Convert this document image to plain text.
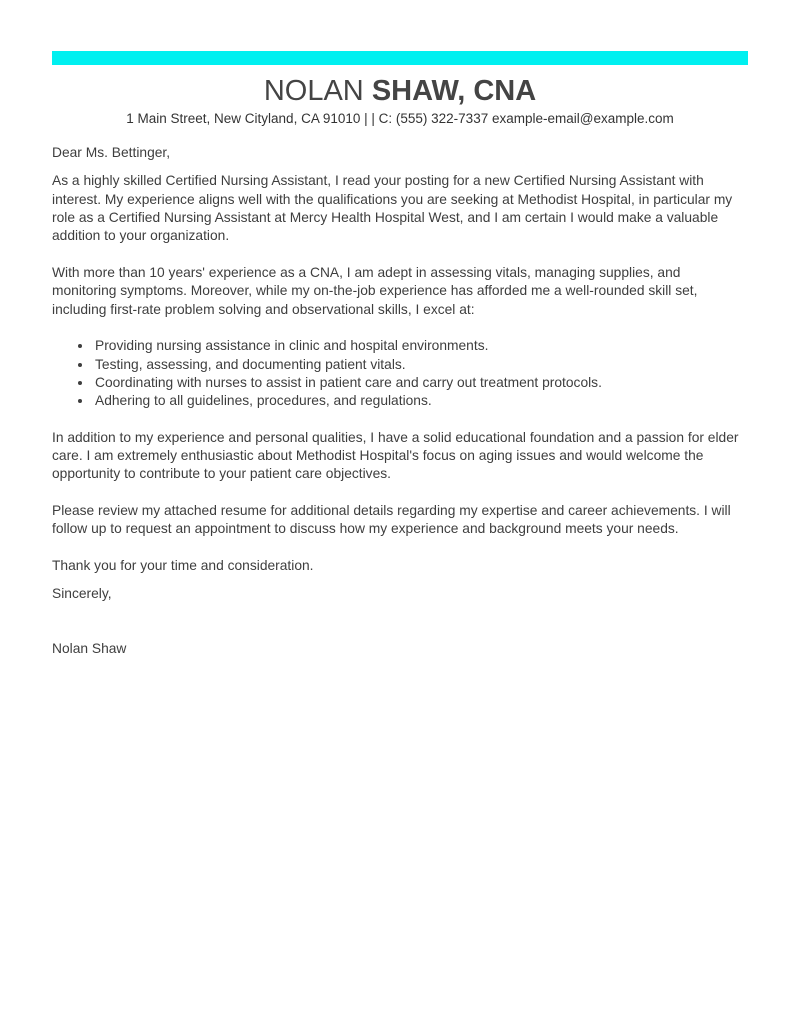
NOLAN SHAW, CNA
1 Main Street, New Cityland, CA 91010 | | C: (555) 322-7337 example-email@example.com

Dear Ms. Bettinger,

As a highly skilled Certified Nursing Assistant, I read your posting for a new Certified Nursing Assistant with interest. My experience aligns well with the qualifications you are seeking at Methodist Hospital, in particular my role as a Certified Nursing Assistant at Mercy Health Hospital West, and I am certain I would make a valuable addition to your organization.

With more than 10 years' experience as a CNA, I am adept in assessing vitals, managing supplies, and monitoring symptoms. Moreover, while my on-the-job experience has afforded me a well-rounded skill set, including first-rate problem solving and observational skills, I excel at:

• Providing nursing assistance in clinic and hospital environments.
• Testing, assessing, and documenting patient vitals.
• Coordinating with nurses to assist in patient care and carry out treatment protocols.
• Adhering to all guidelines, procedures, and regulations.

In addition to my experience and personal qualities, I have a solid educational foundation and a passion for elder care. I am extremely enthusiastic about Methodist Hospital's focus on aging issues and would welcome the opportunity to contribute to your patient care objectives.

Please review my attached resume for additional details regarding my expertise and career achievements. I will follow up to request an appointment to discuss how my experience and background meets your needs.

Thank you for your time and consideration.

Sincerely,

Nolan Shaw
